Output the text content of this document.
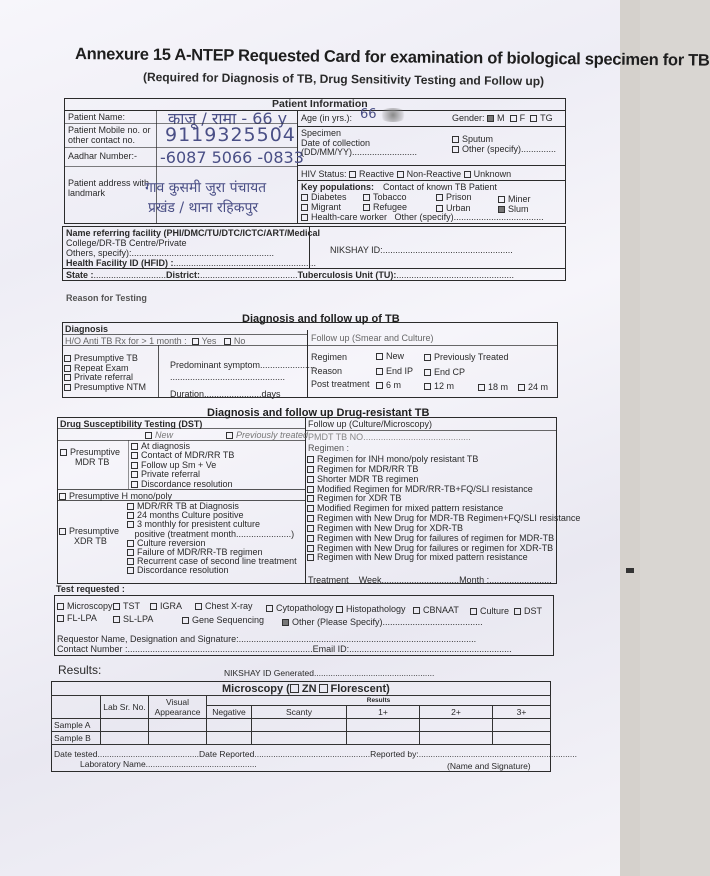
Annexure 15 A-NTEP Requested Card for examination of biological specimen for TB
(Required for Diagnosis of TB, Drug Sensitivity Testing and Follow up)
Patient Information
Patient Name:	काजू / रामा - 66 y
Patient Mobile no. or
other contact no.	9119325504
Aadhar Number:- -6087 5066 -0833
Patient address with
landmark	गाव कुसमी जुरा पंचायत
प्रखंड / थाना रहिकपुर
Age (in yrs.): 66	Gender: M F TG
Specimen
Date of collection
(DD/MM/YY)..........................
Sputum
Other (specify)..............
HIV Status: Reactive Non-Reactive Unknown
Key populations: Contact of known TB Patient
Diabetes	Tobacco	Prison	Miner
Migrant	Refugee	Urban	Slum
Health-care worker Other (specify)....................................
Name referring facility (PHI/DMC/TU/DTC/ICTC/ART/Medical
College/DR-TB Centre/Private
Others, specify):.........................................................
Health Facility ID (HFID) :.........................................................
NIKSHAY ID:....................................................
State :.............................District:.......................................Tuberculosis Unit (TU):...............................................
Reason for Testing
Diagnosis and follow up of TB
Diagnosis
H/O Anti TB Rx for > 1 month : Yes No
Presumptive TB
Repeat Exam
Private referral
Presumptive NTM
Predominant symptom......................
..............................................
Duration.......................days
Follow up (Smear and Culture)
Regimen	New	Previously Treated
Reason	End IP	End CP
Post treatment	6 m	12 m	18 m	24 m
Diagnosis and follow up Drug-resistant TB
Drug Susceptibility Testing (DST)
New	Previously treated
Presumptive
MDR TB
At diagnosis
Contact of MDR/RR TB
Follow up Sm + Ve
Private referral
Discordance resolution
Presumptive H mono/poly
Presumptive
XDR TB
MDR/RR TB at Diagnosis
24 months Culture positive
3 monthly for presistent culture
positive (treatment month......................)
Culture reversion
Failure of MDR/RR-TB regimen
Recurrent case of second line treatment
Discordance resolution
Follow up (Culture/Microscopy)
PMDT TB NO...........................................
Regimen :
Regimen for INH mono/poly resistant TB
Regimen for MDR/RR TB
Shorter MDR TB regimen
Modified Regimen for MDR/RR-TB+FQ/SLI resistance
Regimen for XDR TB
Modified Regimen for mixed pattern resistance
Regimen with New Drug for MDR-TB Regimen+FQ/SLI resistance
Regimen with New Drug for XDR-TB
Regimen with New Drug for failures of regimen for MDR-TB
Regimen with New Drug for failures or regimen for XDR-TB
Regimen with New Drug for mixed pattern resistance
Treatment Week...............................Month :.........................
Test requested :
Microscopy	TST	IGRA	Chest X-ray	Cytopathology	Histopathology	CBNAAT	Culture	DST
FL-LPA	SL-LPA	Gene Sequencing	Other (Please Specify)........................................
Requestor Name, Designation and Signature:...............................................................................................
Contact Number :..........................................................................Email ID:.................................................................
Results:	NIKSHAY ID Generated...................................................
Microscopy ( ZN Florescent)
	Lab Sr. No.	Visual Appearance	Results				
			Negative	Scanty	1+	2+	3+
Sample A							
Sample B							
Date tested...........................................Date Reported.................................................Reported by:...................................................................
Laboratory Name...............................................	(Name and Signature)
